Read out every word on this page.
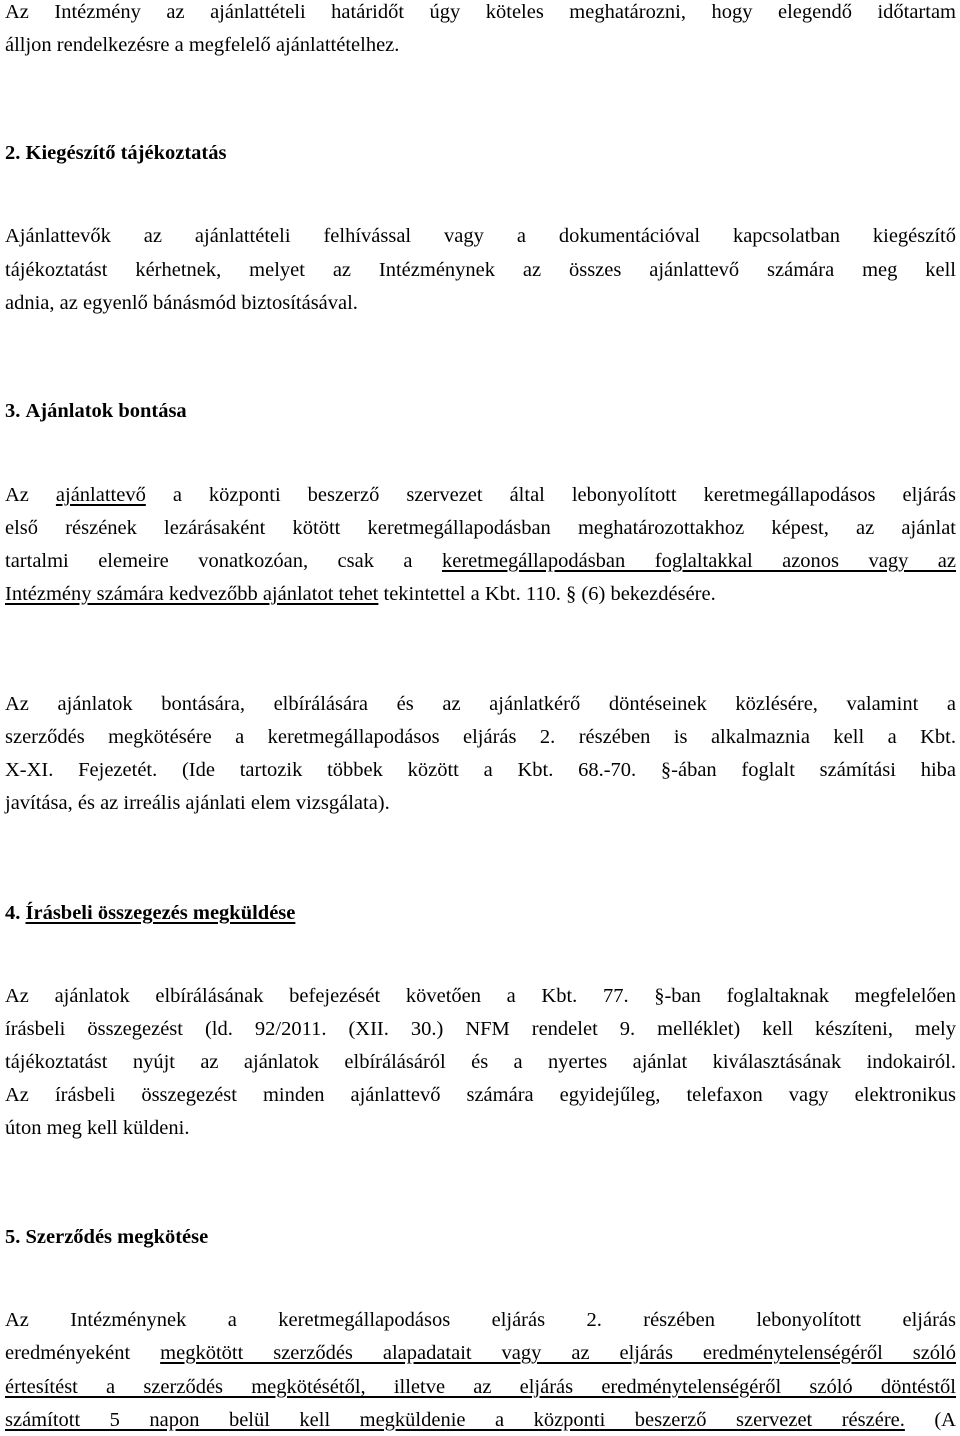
Az Intézmény az ajánlattételi határidőt úgy köteles meghatározni, hogy elegendő időtartam
álljon rendelkezésre a megfelelő ajánlattételhez.
2. Kiegészítő tájékoztatás
Ajánlattevők az ajánlattételi felhívással vagy a dokumentációval kapcsolatban kiegészítő
tájékoztatást kérhetnek, melyet az Intézménynek az összes ajánlattevő számára meg kell
adnia, az egyenlő bánásmód biztosításával.
3. Ajánlatok bontása
Az ajánlattevő a központi beszerző szervezet által lebonyolított keretmegállapodásos eljárás
első részének lezárásaként kötött keretmegállapodásban meghatározottakhoz képest, az ajánlat
tartalmi elemeire vonatkozóan, csak a keretmegállapodásban foglaltakkal azonos vagy az
Intézmény számára kedvezőbb ajánlatot tehet tekintettel a Kbt. 110. § (6) bekezdésére.
Az ajánlatok bontására, elbírálására és az ajánlatkérő döntéseinek közlésére, valamint a
szerződés megkötésére a keretmegállapodásos eljárás 2. részében is alkalmaznia kell a Kbt.
X-XI. Fejezetét. (Ide tartozik többek között a Kbt. 68.-70. §-ában foglalt számítási hiba
javítása, és az irreális ajánlati elem vizsgálata).
4. Írásbeli összegezés megküldése
Az ajánlatok elbírálásának befejezését követően a Kbt. 77. §-ban foglaltaknak megfelelően
írásbeli összegezést (ld. 92/2011. (XII. 30.) NFM rendelet 9. melléklet) kell készíteni, mely
tájékoztatást nyújt az ajánlatok elbírálásáról és a nyertes ajánlat kiválasztásának indokairól.
Az írásbeli összegezést minden ajánlattevő számára egyidejűleg, telefaxon vagy elektronikus
úton meg kell küldeni.
5. Szerződés megkötése
Az Intézménynek a keretmegállapodásos eljárás 2. részében lebonyolított eljárás
eredményeként megkötött szerződés alapadatait vagy az eljárás eredménytelenségéről szóló
értesítést a szerződés megkötésétől, illetve az eljárás eredménytelenségéről szóló döntéstől
számított 5 napon belül kell megküldenie a központi beszerző szervezet részére. (A
